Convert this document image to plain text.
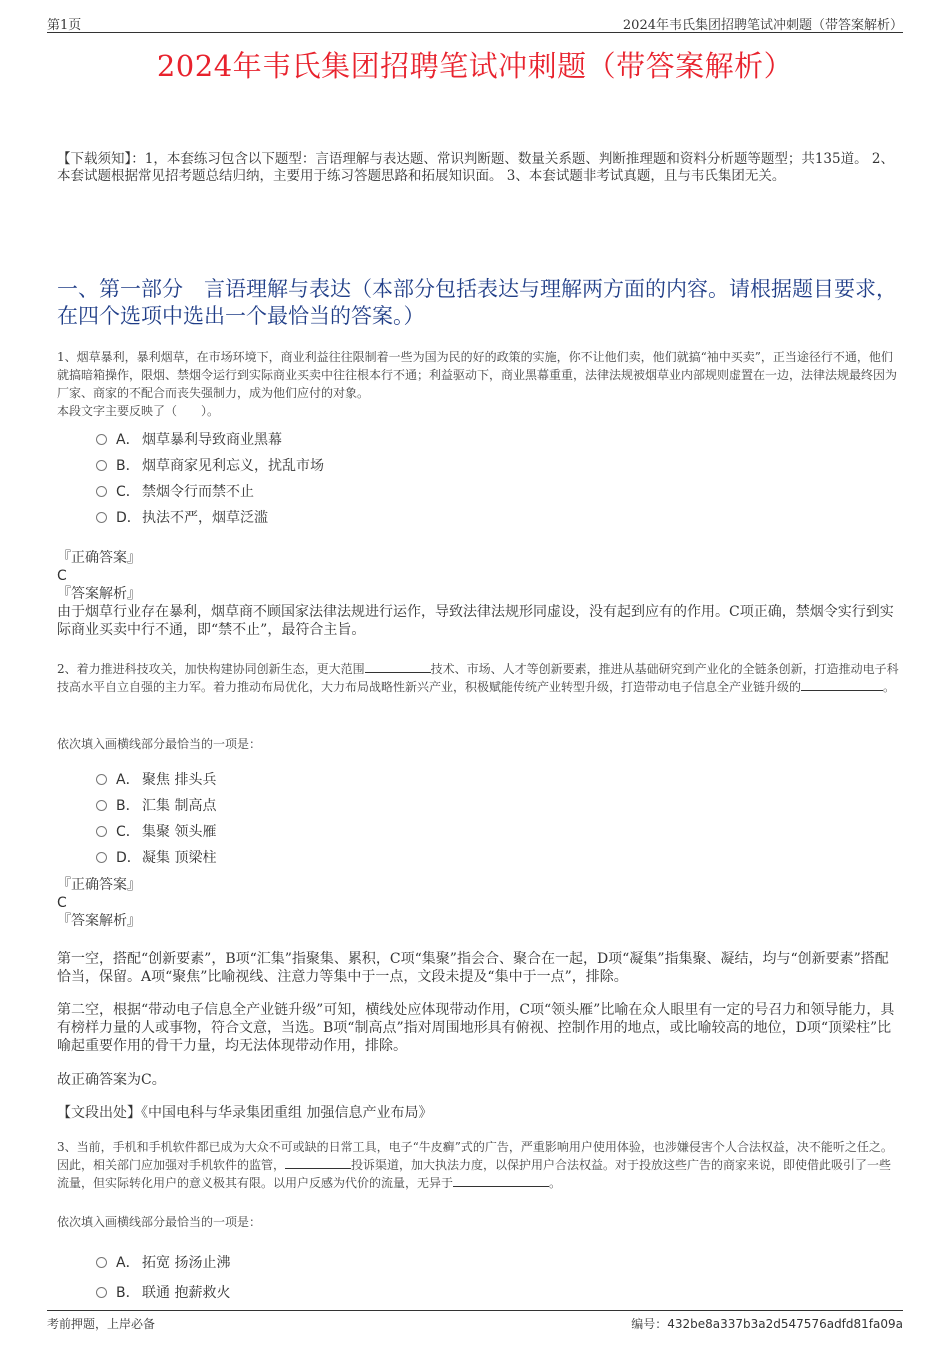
第1页	2024年韦氏集团招聘笔试冲刺题（带答案解析）
2024年韦氏集团招聘笔试冲刺题（带答案解析）
【下载须知】：1，本套练习包含以下题型：言语理解与表达题、常识判断题、数量关系题、判断推理题和资料分析题等题型；共135道。 2、本套试题根据常见招考题总结归纳，主要用于练习答题思路和拓展知识面。 3、本套试题非考试真题，且与韦氏集团无关。
一、第一部分　言语理解与表达（本部分包括表达与理解两方面的内容。请根据题目要求，在四个选项中选出一个最恰当的答案。）
1、烟草暴利，暴利烟草，在市场环境下，商业利益往往限制着一些为国为民的好的政策的实施，你不让他们卖，他们就搞“袖中买卖”，正当途径行不通，他们就搞暗箱操作，限烟、禁烟令运行到实际商业买卖中往往根本行不通；利益驱动下，商业黑幕重重，法律法规被烟草业内部规则虚置在一边，法律法规最终因为厂家、商家的不配合而丧失强制力，成为他们应付的对象。
本段文字主要反映了（　　）。
A． 烟草暴利导致商业黑幕
B． 烟草商家见利忘义，扰乱市场
C． 禁烟令行而禁不止
D． 执法不严，烟草泛滥
『正确答案』
C
『答案解析』
由于烟草行业存在暴利，烟草商不顾国家法律法规进行运作，导致法律法规形同虚设，没有起到应有的作用。C项正确，禁烟令实行到实际商业买卖中行不通，即“禁不止”，最符合主旨。
2、着力推进科技攻关，加快构建协同创新生态，更大范围	技术、市场、人才等创新要素，推进从基础研究到产业化的全链条创新，打造推动电子科技高水平自立自强的主力军。着力推动布局优化，大力布局战略性新兴产业，积极赋能传统产业转型升级，打造带动电子信息全产业链升级的	。
依次填入画横线部分最恰当的一项是：
A． 聚焦 排头兵
B． 汇集 制高点
C． 集聚 领头雁
D． 凝集 顶梁柱
『正确答案』
C
『答案解析』
第一空，搭配“创新要素”，B项“汇集”指聚集、累积，C项“集聚”指会合、聚合在一起，D项“凝集”指集聚、凝结，均与“创新要素”搭配恰当，保留。A项“聚焦”比喻视线、注意力等集中于一点，文段未提及“集中于一点”，排除。
第二空，根据“带动电子信息全产业链升级”可知，横线处应体现带动作用，C项“领头雁”比喻在众人眼里有一定的号召力和领导能力，具有榜样力量的人或事物，符合文意，当选。B项“制高点”指对周围地形具有俯视、控制作用的地点，或比喻较高的地位，D项“顶梁柱”比喻起重要作用的骨干力量，均无法体现带动作用，排除。
故正确答案为C。
【文段出处】《中国电科与华录集团重组 加强信息产业布局》
3、当前，手机和手机软件都已成为大众不可或缺的日常工具，电子“牛皮癣”式的广告，严重影响用户使用体验，也涉嫌侵害个人合法权益，决不能听之任之。因此，相关部门应加强对手机软件的监管，	投诉渠道，加大执法力度，以保护用户合法权益。对于投放这些广告的商家来说，即使借此吸引了一些流量，但实际转化用户的意义极其有限。以用户反感为代价的流量，无异于	。
依次填入画横线部分最恰当的一项是：
A． 拓宽 扬汤止沸
B． 联通 抱薪救火
考前押题，上岸必备	编号：432be8a337b3a2d547576adfd81fa09a
